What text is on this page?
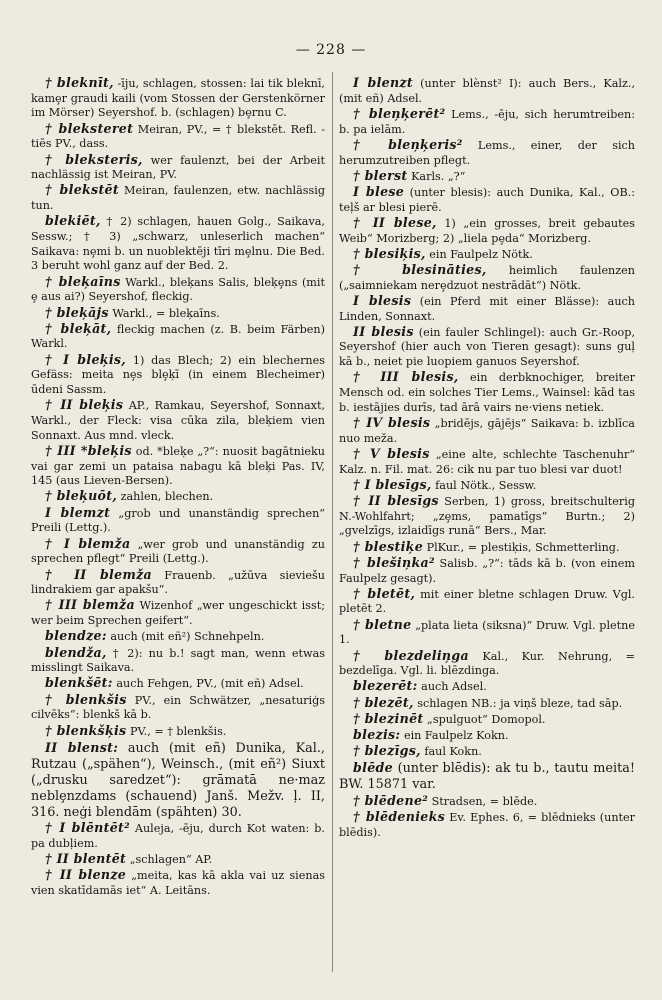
— 228 —

† bleknīt, -īju, schlagen, stossen: lai tik bleknī, kamȩr graudi kaili (vom Stossen der Gerstenkörner im Mörser) Seyershof. b. (schlagen) bȩrnu C.

† bleksteret Meiran, PV., = † blekstēt. Refl. -tiēs PV., dass.

† bleksteris, wer faulenzt, bei der Arbeit nachlässig ist Meiran, PV.

† blekstēt Meiran, faulenzen, etw. nachlässig tun.

blekiēt, † 2) schlagen, hauen Golg., Saikava, Sessw.; † 3) „schwarz, unleserlich machen“ Saikava: nȩmi b. un nuoblektēji tīri mȩlnu. Die Bed. 3 beruht wohl ganz auf der Bed. 2.

† bleķaīns Warkl., bleķans Salis, bleķȩns (mit ȩ aus ai?) Seyershof, fleckig.

† bleķājs Warkl., = bleķaīns.

† bleķāt, fleckig machen (z. B. beim Färben) Warkl.

† I bleķis, 1) das Blech; 2) ein blechernes Gefäss: meita nȩs blȩķī (in einem Blecheimer) ūdeni Sassm.

† II bleķis AP., Ramkau, Seyershof, Sonnaxt, Warkl., der Fleck: visa cūka zila, bleķiem vien Sonnaxt. Aus mnd. vleck.

† III *bleķis od. *bleķe „?“: nuosit bagātnieku vai gar zemi un pataisa nabagu kā bleķi Pas. IV, 145 (aus Lieven-Bersen).

† bleķuōt, zahlen, blechen.

I blemzt „grob und unanständig sprechen“ Preili (Lettg.).

† I blemža „wer grob und unanständig zu sprechen pflegt“ Preili (Lettg.).

† II blemža Frauenb. „užūva sieviešu lindrakiem gar apakšu“.

† III blemža Wizenhof „wer ungeschickt isst; wer beim Sprechen geifert“.

blendze: auch (mit eñ²) Schnehpeln.

blendža, † 2): nu b.! sagt man, wenn etwas misslingt Saikava.

blenkšēt: auch Fehgen, PV., (mit eñ) Adsel.

† blenkšis PV., ein Schwätzer, „nesaturiģs cilvēks“: blenkš kā b.

† blenkšķis PV., = † blenkšis.

II blenst: auch (mit eñ) Dunika, Kal., Rutzau („spähen“), Weinsch., (mit eñ²) Siuxt („drusku saredzet“): grāmatā ne·maz neblȩnzdams (schauend) Janš. Mežv. ļ. II, 316. neģi blendām (spähten) 30.

† I blēntēt² Auleja, -ēju, durch Kot waten: b. pa dubļiem.

† II blentēt „schlagen“ AP.

† II blenze „meita, kas kā akla vai uz sienas vien skatīdamās iet“ A. Leitāns.

I blenzt (unter blènst² I): auch Bers., Kalz., (mit eñ) Adsel.

† bleņķerēt² Lems., -ēju, sich herumtreiben: b. pa ielām.

† bleņķeris² Lems., einer, der sich herumzutreiben pflegt.

† blerst Karls. „?“

I blese (unter blesis): auch Dunika, Kal., OB.: teļš ar blesi pierē.

† II blese, 1) „ein grosses, breit gebautes Weib“ Morizberg; 2) „liela pȩda“ Morizberg.

† blesiķis, ein Faulpelz Nötk.

† blesināties, heimlich faulenzen („saimniekam nerȩdzuot nestrādāt“) Nötk.

I blesis (ein Pferd mit einer Blässe): auch Linden, Sonnaxt.

II blesis (ein fauler Schlingel): auch Gr.-Roop, Seyershof (hier auch von Tieren gesagt): suns guļ kā b., neiet pie luopiem ganuos Seyershof.

† III blesis, ein derbknochiger, breiter Mensch od. ein solches Tier Lems., Wainsel: kād tas b. iestājies durīs, tad ārā vairs ne·viens netiek.

† IV blesis „bridējs, gājējs“ Saikava: b. izblīca nuo meža.

† V blesis „eine alte, schlechte Taschenuhr“ Kalz. n. Fil. mat. 26: cik nu par tuo blesi var duot!

† I blesīgs, faul Nötk., Sessw.

† II blesīgs Serben, 1) gross, breitschulterig N.-Wohlfahrt; „zȩms, pamatīgs“ Burtn.; 2) „gvelzīgs, izlaidīgs runā“ Bers., Mar.

† blestiķe PlKur., = plestiķis, Schmetterling.

† blešiņka² Salisb. „?“: tāds kā b. (von einem Faulpelz gesagt).

† bletēt, mit einer bletne schlagen Druw. Vgl. pletēt 2.

† bletne „plata lieta (siksna)“ Druw. Vgl. pletne 1.

† blezdeliņga Kal., Kur. Nehrung, = bezdelīga. Vgl. li. blēzdinga.

blezerēt: auch Adsel.

† blezēt, schlagen NB.: ja viņš bleze, tad sāp.

† blezinēt „spulguot“ Domopol.

blezis: ein Faulpelz Kokn.

† blezīgs, faul Kokn.

blēde (unter blēdis): ak tu b., tautu meita! BW. 15871 var.

† blēdene² Stradsen, = blēde.

† blēdenieks Ev. Ephes. 6, = blēdnieks (unter blēdis).
